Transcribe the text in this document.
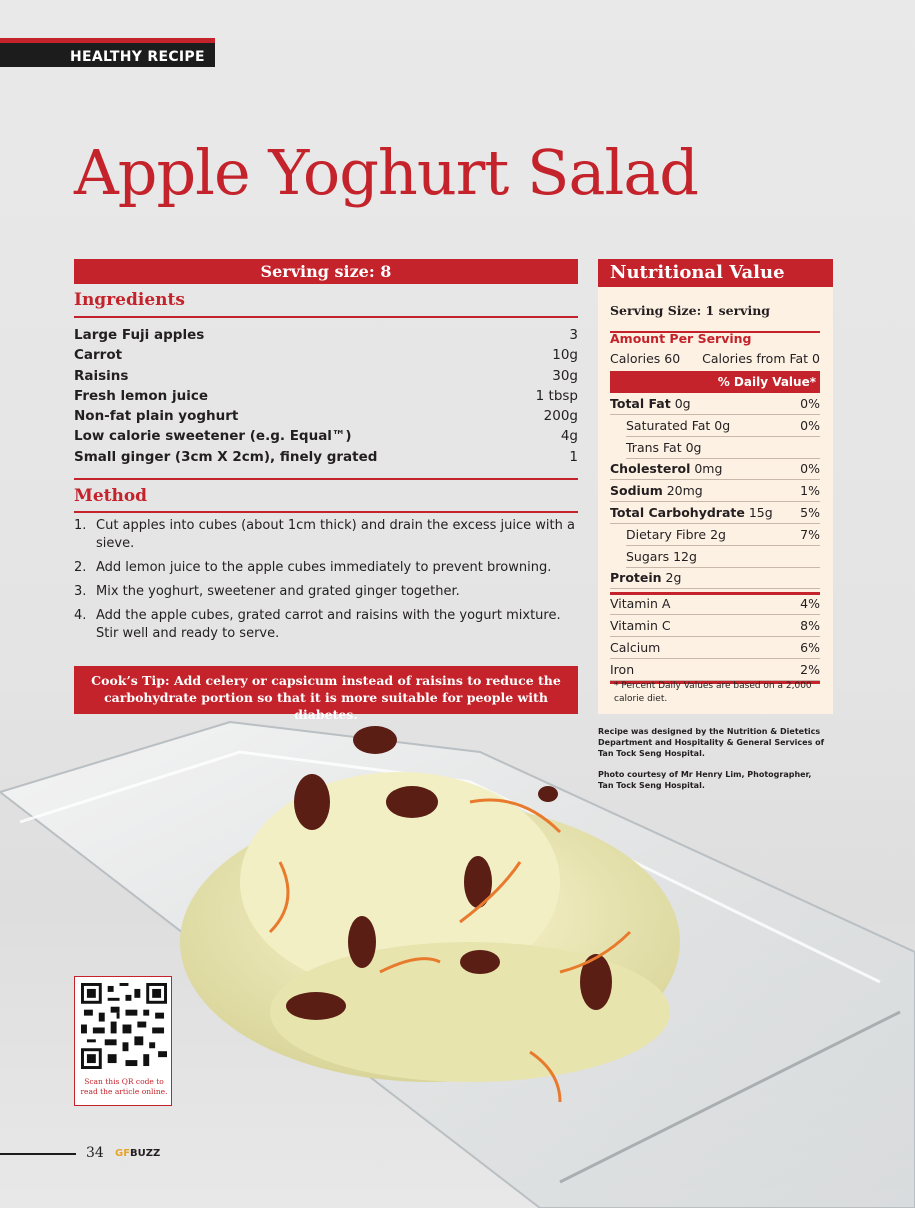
HEALTHY RECIPE
Apple Yoghurt Salad
Serving size: 8
Ingredients
Large Fuji apples	3
Carrot	10g
Raisins	30g
Fresh lemon juice	1 tbsp
Non-fat plain yoghurt	200g
Low calorie sweetener (e.g. Equal™)	4g
Small ginger (3cm X 2cm), finely grated	1
Method
1. Cut apples into cubes (about 1cm thick) and drain the excess juice with a sieve.
2. Add lemon juice to the apple cubes immediately to prevent browning.
3. Mix the yoghurt, sweetener and grated ginger together.
4. Add the apple cubes, grated carrot and raisins with the yogurt mixture. Stir well and ready to serve.
Cook’s Tip: Add celery or capsicum instead of raisins to reduce the carbohydrate portion so that it is more suitable for people with diabetes.
Nutritional Value
Serving Size: 1 serving
Amount Per Serving
Calories 60 Calories from Fat 0
% Daily Value*
Total Fat 0g	0%
Saturated Fat 0g	0%
Trans Fat 0g
Cholesterol 0mg	0%
Sodium 20mg	1%
Total Carbohydrate 15g 5%
Dietary Fibre 2g	7%
Sugars 12g
Protein 2g
Vitamin A	4%
Vitamin C	8%
Calcium	6%
Iron	2%
* Percent Daily Values are based on a 2,000 calorie diet.
Recipe was designed by the Nutrition & Dietetics Department and Hospitality & General Services of Tan Tock Seng Hospital.
Photo courtesy of Mr Henry Lim, Photographer, Tan Tock Seng Hospital.
Scan this QR code to read the article online.
34 GFBUZZ
